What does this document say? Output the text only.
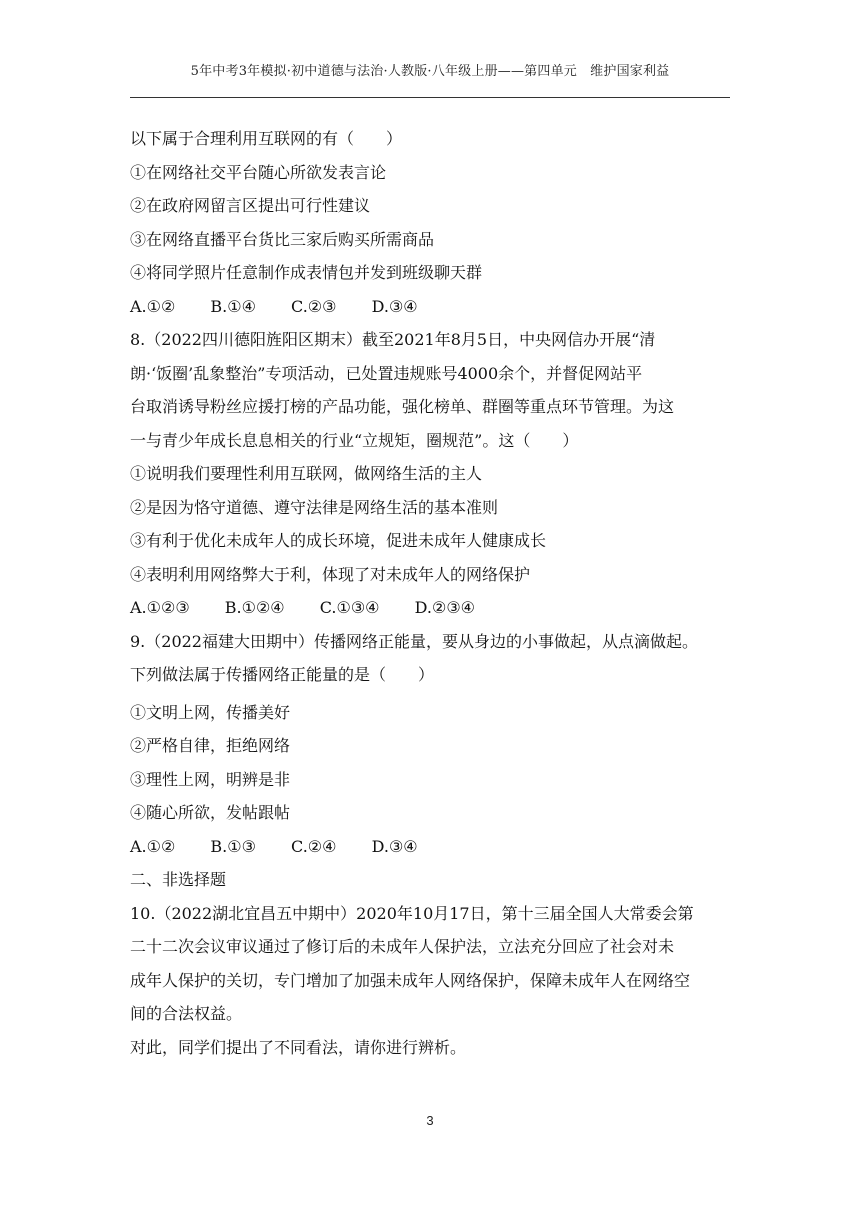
5年中考3年模拟·初中道德与法治·人教版·八年级上册——第四单元　维护国家利益
以下属于合理利用互联网的有（　　）
①在网络社交平台随心所欲发表言论
②在政府网留言区提出可行性建议
③在网络直播平台货比三家后购买所需商品
④将同学照片任意制作成表情包并发到班级聊天群
A.①② B.①④ C.②③ D.③④
8.（2022四川德阳旌阳区期末）截至2021年8月5日，中央网信办开展“清
朗·‘饭圈’乱象整治”专项活动，已处置违规账号4000余个，并督促网站平
台取消诱导粉丝应援打榜的产品功能，强化榜单、群圈等重点环节管理。为这
一与青少年成长息息相关的行业“立规矩，圈规范”。这（　　）
①说明我们要理性利用互联网，做网络生活的主人
②是因为恪守道德、遵守法律是网络生活的基本准则
③有利于优化未成年人的成长环境，促进未成年人健康成长
④表明利用网络弊大于利，体现了对未成年人的网络保护
A.①②③ B.①②④ C.①③④ D.②③④
9.（2022福建大田期中）传播网络正能量，要从身边的小事做起，从点滴做起。
下列做法属于传播网络正能量的是（　　）
①文明上网，传播美好
②严格自律，拒绝网络
③理性上网，明辨是非
④随心所欲，发帖跟帖
A.①② B.①③ C.②④ D.③④
二、非选择题
10.（2022湖北宜昌五中期中）2020年10月17日，第十三届全国人大常委会第
二十二次会议审议通过了修订后的未成年人保护法，立法充分回应了社会对未
成年人保护的关切，专门增加了加强未成年人网络保护，保障未成年人在网络空
间的合法权益。
对此，同学们提出了不同看法，请你进行辨析。
3
